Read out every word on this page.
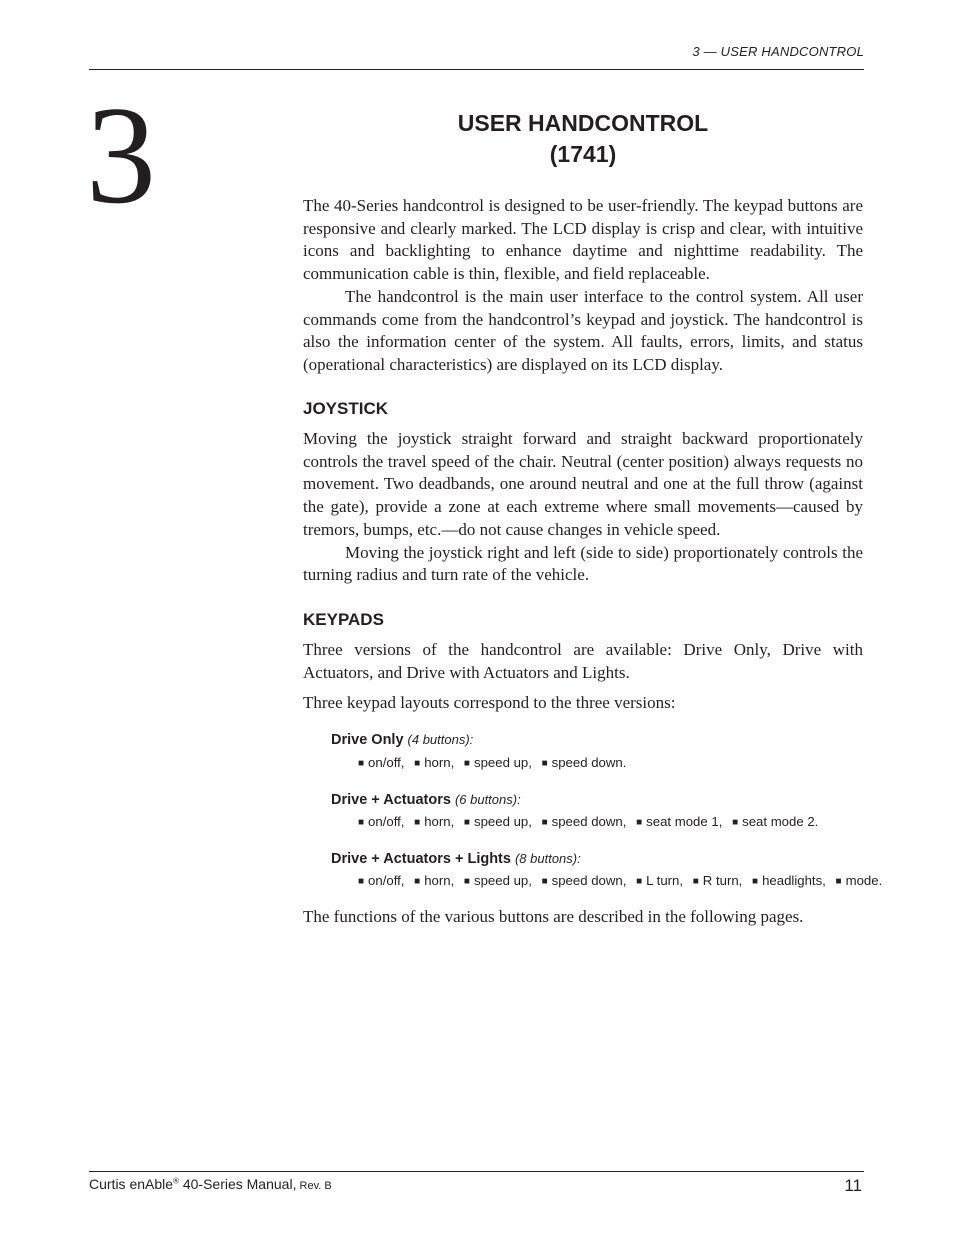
3 — USER HANDCONTROL
3	USER HANDCONTROL
(1741)

The 40-Series handcontrol is designed to be user-friendly. The keypad buttons are responsive and clearly marked. The LCD display is crisp and clear, with intuitive icons and backlighting to enhance daytime and nighttime readability. The communication cable is thin, flexible, and field replaceable.

The handcontrol is the main user interface to the control system. All user commands come from the handcontrol’s keypad and joystick. The handcontrol is also the information center of the system. All faults, errors, limits, and status (operational characteristics) are displayed on its LCD display.

JOYSTICK

Moving the joystick straight forward and straight backward proportionately controls the travel speed of the chair. Neutral (center position) always requests no movement. Two deadbands, one around neutral and one at the full throw (against the gate), provide a zone at each extreme where small movements—caused by tremors, bumps, etc.—do not cause changes in vehicle speed.

Moving the joystick right and left (side to side) proportionately controls the turning radius and turn rate of the vehicle.

KEYPADS
Three versions of the handcontrol are available: Drive Only, Drive with Actuators, and Drive with Actuators and Lights.
Three keypad layouts correspond to the three versions:
Drive Only (4 buttons):
■ on/off, ■ horn, ■ speed up, ■ speed down.
Drive + Actuators (6 buttons):
■ on/off, ■ horn, ■ speed up, ■ speed down, ■ seat mode 1, ■ seat mode 2.
Drive + Actuators + Lights (8 buttons):
■ on/off, ■ horn, ■ speed up, ■ speed down, ■ L turn, ■ R turn, ■ headlights, ■ mode.
The functions of the various buttons are described in the following pages.
Curtis enAble® 40-Series Manual, Rev. B	11
